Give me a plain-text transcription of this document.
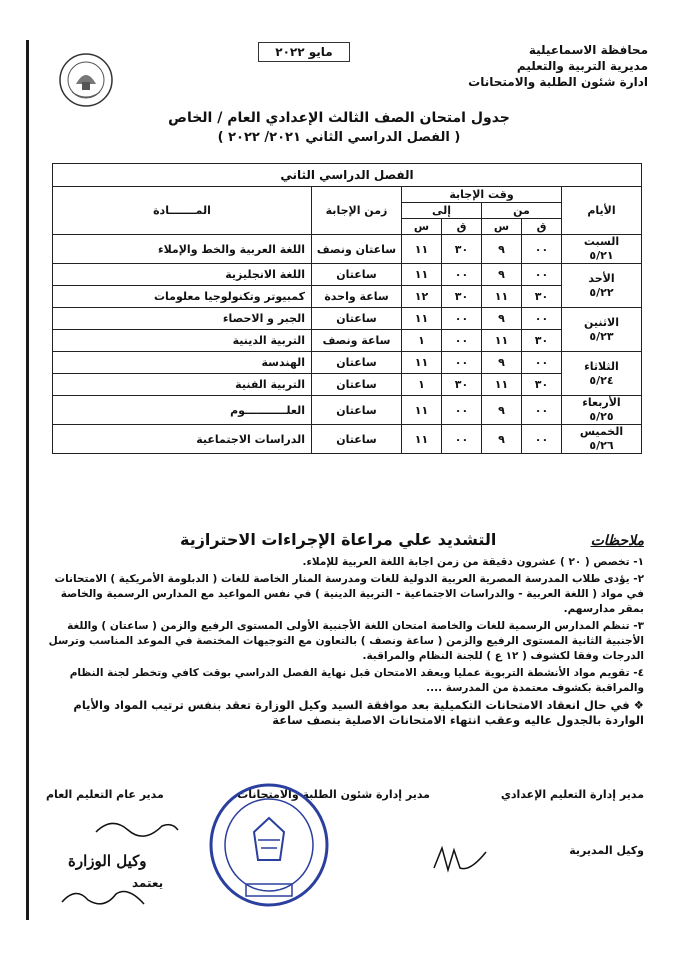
محافظة الاسماعيلية
مديرية التربية والتعليم
ادارة شئون الطلبة والامتحانات
مايو ٢٠٢٢
جدول امتحان الصف الثالث الإعدادي العام / الخاص
( الفصل الدراسي الثاني ٢٠٢١/ ٢٠٢٢ )
الفصل الدراسي الثاني						
الأيام	وقت الإجابة				زمن الإجابة	المـــــــادة
	من		إلى			
	ق	س	ق	س		

السبت
٥/٢١	٠٠	٩	٣٠	١١	ساعتان ونصف	اللغة العربية والخط والإملاء

الأحد
٥/٢٢	٠٠	٩	٠٠	١١	ساعتان	اللغة الانجليزية
	٣٠	١١	٣٠	١٢	ساعة واحدة	كمبيوتر وتكنولوجيا معلومات

الاثنين
٥/٢٣	٠٠	٩	٠٠	١١	ساعتان	الجبر و الاحصاء
	٣٠	١١	٠٠	١	ساعة ونصف	التربية الدينية

الثلاثاء
٥/٢٤	٠٠	٩	٠٠	١١	ساعتان	الهندسة
	٣٠	١١	٣٠	١	ساعتان	التربية الفنية

الأربعاء
٥/٢٥	٠٠	٩	٠٠	١١	ساعتان	العلـــــــــــوم

الخميس
٥/٢٦	٠٠	٩	٠٠	١١	ساعتان	الدراسات الاجتماعية
ملاحظات
التشديد علي مراعاة الإجراءات الاحترازية

١- تخصص ( ٢٠ ) عشرون دقيقة من زمن اجابة اللغة العربية للإملاء.

٢- يؤدى طلاب المدرسة المصرية العربية الدولية للغات ومدرسة المنار الخاصة للغات ( الدبلومة الأمريكية ) الامتحانات في مواد ( اللغة العربية - والدراسات الاجتماعية - التربية الدينية ) في نفس المواعيد مع المدارس الرسمية والخاصة بمقر مدارسهم.

٣- تنظم المدارس الرسمية للغات والخاصة امتحان اللغة الأجنبية الأولى المستوى الرفيع والزمن ( ساعتان ) واللغة الأجنبية الثانية المستوى الرفيع والزمن ( ساعة ونصف ) بالتعاون مع التوجيهات المختصة في الموعد المناسب وترسل الدرجات وفقا لكشوف ( ١٢ ع ) للجنة النظام والمراقبة.

٤- تقويم مواد الأنشطة التربوية عمليا ويعقد الامتحان قبل نهاية الفصل الدراسي بوقت كافي وتخطر لجنة النظام والمراقبة بكشوف معتمدة من المدرسة ....

❖ في حال انعقاد الامتحانات التكميلية بعد موافقة السيد وكيل الوزارة تعقد بنفس ترتيب المواد والأيام الواردة بالجدول عاليه وعقب انتهاء الامتحانات الاصلية بنصف ساعة

مدير إدارة التعليم الإعدادي
مدير إدارة شئون الطلبة والامتحانات
مدير عام التعليم العام
وكيل المديرية
وكيل الوزارة
يعتمد
